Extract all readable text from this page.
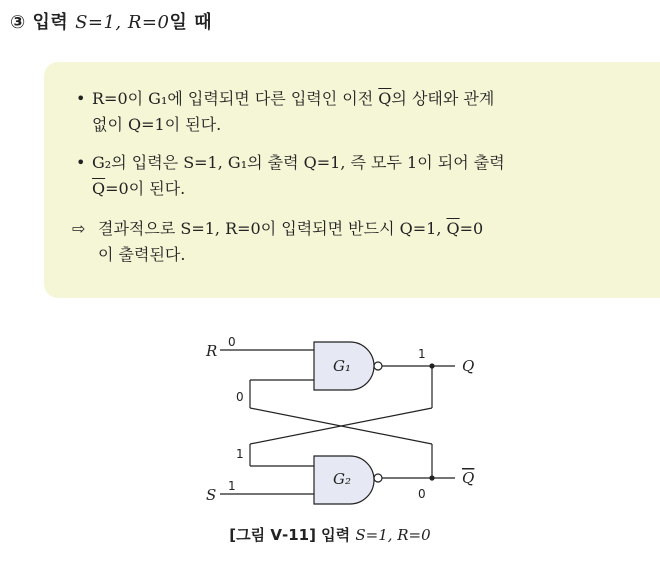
③ 입력 S=1, R=0일 때
• R=0이 G₁에 입력되면 다른 입력인 이전 $\overline{Q}$의 상태와 관계
없이 Q=1이 된다.
• G₂의 입력은 S=1, G₁의 출력 Q=1, 즉 모두 1이 되어 출력
$\overline{Q}=0$이 된다.
⇨ 결과적으로 S=1, R=0이 입력되면 반드시 Q=1, $\overline{Q}=0$
이 출력된다.
R
S
G₁
G₂
Q
Q
0
1
0
1
1
0
[그림 Ⅴ-11] 입력 S=1, R=0
